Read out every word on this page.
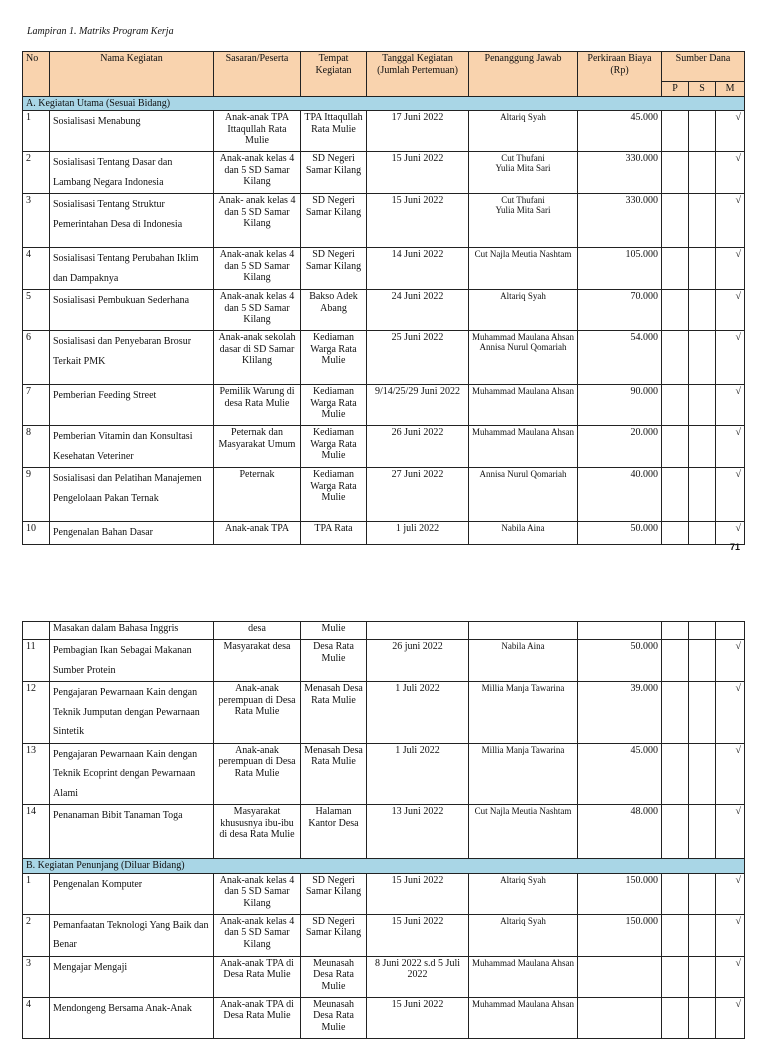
Lampiran 1. Matriks Program Kerja
No	Nama Kegiatan	Sasaran/Peserta	Tempat Kegiatan	Tanggal Kegiatan (Jumlah Pertemuan)	Penanggung Jawab	Perkiraan Biaya (Rp)	Sumber Dana		
							P	S	M
A. Kegiatan Utama (Sesuai Bidang)									
1	Sosialisasi Menabung	Anak-anak TPA Ittaqullah Rata Mulie	TPA Ittaqullah Rata Mulie	17 Juni 2022	Altariq Syah	45.000			√
2	Sosialisasi Tentang Dasar dan Lambang Negara Indonesia	Anak-anak kelas 4 dan 5 SD Samar Kilang	SD Negeri Samar Kilang	15 Juni 2022	Cut Thufani
Yulia Mita Sari	330.000			√
3	Sosialisasi Tentang Struktur Pemerintahan Desa di Indonesia	Anak- anak kelas 4 dan 5 SD Samar Kilang	SD Negeri Samar Kilang	15 Juni 2022	Cut Thufani
Yulia Mita Sari	330.000			√
4	Sosialisasi Tentang Perubahan Iklim dan Dampaknya	Anak-anak kelas 4 dan 5 SD Samar Kilang	SD Negeri Samar Kilang	14 Juni 2022	Cut Najla Meutia Nashtam	105.000			√
5	Sosialisasi Pembukuan Sederhana	Anak-anak kelas 4 dan 5 SD Samar Kilang	Bakso Adek Abang	24 Juni 2022	Altariq Syah	70.000			√
6	Sosialisasi dan Penyebaran Brosur Terkait PMK	Anak-anak sekolah dasar di SD Samar Klilang	Kediaman Warga Rata Mulie	25 Juni 2022	Muhammad Maulana Ahsan
Annisa Nurul Qomariah	54.000			√
7	Pemberian Feeding Street	Pemilik Warung di desa Rata Mulie	Kediaman Warga Rata Mulie	9/14/25/29 Juni 2022	Muhammad Maulana Ahsan	90.000			√
8	Pemberian Vitamin dan Konsultasi Kesehatan Veteriner	Peternak dan Masyarakat Umum	Kediaman Warga Rata Mulie	26 Juni 2022	Muhammad Maulana Ahsan	20.000			√
9	Sosialisasi dan Pelatihan Manajemen Pengelolaan Pakan Ternak	Peternak	Kediaman Warga Rata Mulie	27 Juni 2022	Annisa Nurul Qomariah	40.000			√
10	Pengenalan Bahan Dasar	Anak-anak TPA	TPA Rata	1 juli 2022	Nabila Aina	50.000			√
71
	Masakan dalam Bahasa Inggris	desa	Mulie						
11	Pembagian Ikan Sebagai Makanan Sumber Protein	Masyarakat desa	Desa Rata Mulie	26 juni 2022	Nabila Aina	50.000			√
12	Pengajaran Pewarnaan Kain dengan Teknik Jumputan dengan Pewarnaan Sintetik	Anak-anak perempuan di Desa Rata Mulie	Menasah Desa Rata Mulie	1 Juli 2022	Millia Manja Tawarina	39.000			√
13	Pengajaran Pewarnaan Kain dengan Teknik Ecoprint dengan Pewarnaan Alami	Anak-anak perempuan di Desa Rata Mulie	Menasah Desa Rata Mulie	1 Juli 2022	Millia Manja Tawarina	45.000			√
14	Penanaman Bibit Tanaman Toga	Masyarakat khususnya ibu-ibu di desa Rata Mulie	Halaman Kantor Desa	13 Juni 2022	Cut Najla Meutia Nashtam	48.000			√
B. Kegiatan Penunjang (Diluar Bidang)									
1	Pengenalan Komputer	Anak-anak kelas 4 dan 5 SD Samar Kilang	SD Negeri Samar Kilang	15 Juni 2022	Altariq Syah	150.000			√
2	Pemanfaatan Teknologi Yang Baik dan Benar	Anak-anak kelas 4 dan 5 SD Samar Kilang	SD Negeri Samar Kilang	15 Juni 2022	Altariq Syah	150.000			√
3	Mengajar Mengaji	Anak-anak TPA di Desa Rata Mulie	Meunasah Desa Rata Mulie	8 Juni 2022 s.d 5 Juli 2022	Muhammad Maulana Ahsan				√
4	Mendongeng Bersama Anak-Anak	Anak-anak TPA di Desa Rata Mulie	Meunasah Desa Rata Mulie	15 Juni 2022	Muhammad Maulana Ahsan				√
